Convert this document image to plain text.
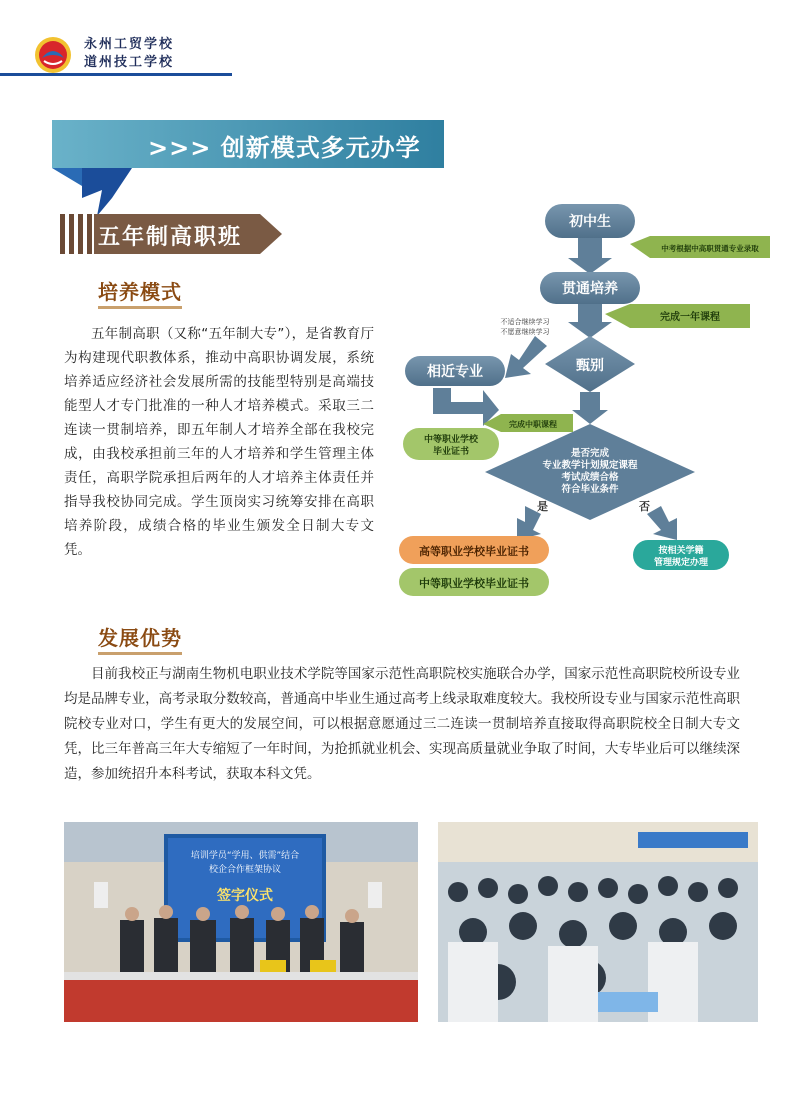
永州工贸学校
道州技工学校
>>> 创新模式多元办学
五年制高职班
培养模式
五年制高职（又称“五年制大专”），是省教育厅为构建现代职教体系，推动中高职协调发展，系统培养适应经济社会发展所需的技能型特别是高端技能型人才专门批准的一种人才培养模式。采取三二连读一贯制培养，即五年制人才培养全部在我校完成，由我校承担前三年的人才培养和学生管理主体责任，高职学院承担后两年的人才培养主体责任并指导我校协同完成。学生顶岗实习统筹安排在高职培养阶段，成绩合格的毕业生颁发全日制大专文凭。
初中生
中考根据中高职贯通专业录取
贯通培养
完成一年课程
甄别
不适合继续学习
不愿意继续学习
相近专业
完成中职课程
中等职业学校
毕业证书	是否完成
专业教学计划规定课程
考试成绩合格
符合毕业条件
是	否
高等职业学校毕业证书
中等职业学校毕业证书
按相关学籍
管理规定办理
发展优势
目前我校正与湖南生物机电职业技术学院等国家示范性高职院校实施联合办学，国家示范性高职院校所设专业均是品牌专业，高考录取分数较高，普通高中毕业生通过高考上线录取难度较大。我校所设专业与国家示范性高职院校专业对口，学生有更大的发展空间，可以根据意愿通过三二连读一贯制培养直接取得高职院校全日制大专文凭，比三年普高三年大专缩短了一年时间，为抢抓就业机会、实现高质量就业争取了时间，大专毕业后可以继续深造，参加统招升本科考试，获取本科文凭。
培训学员“学用、供需”结合
校企合作框架协议
签字仪式
